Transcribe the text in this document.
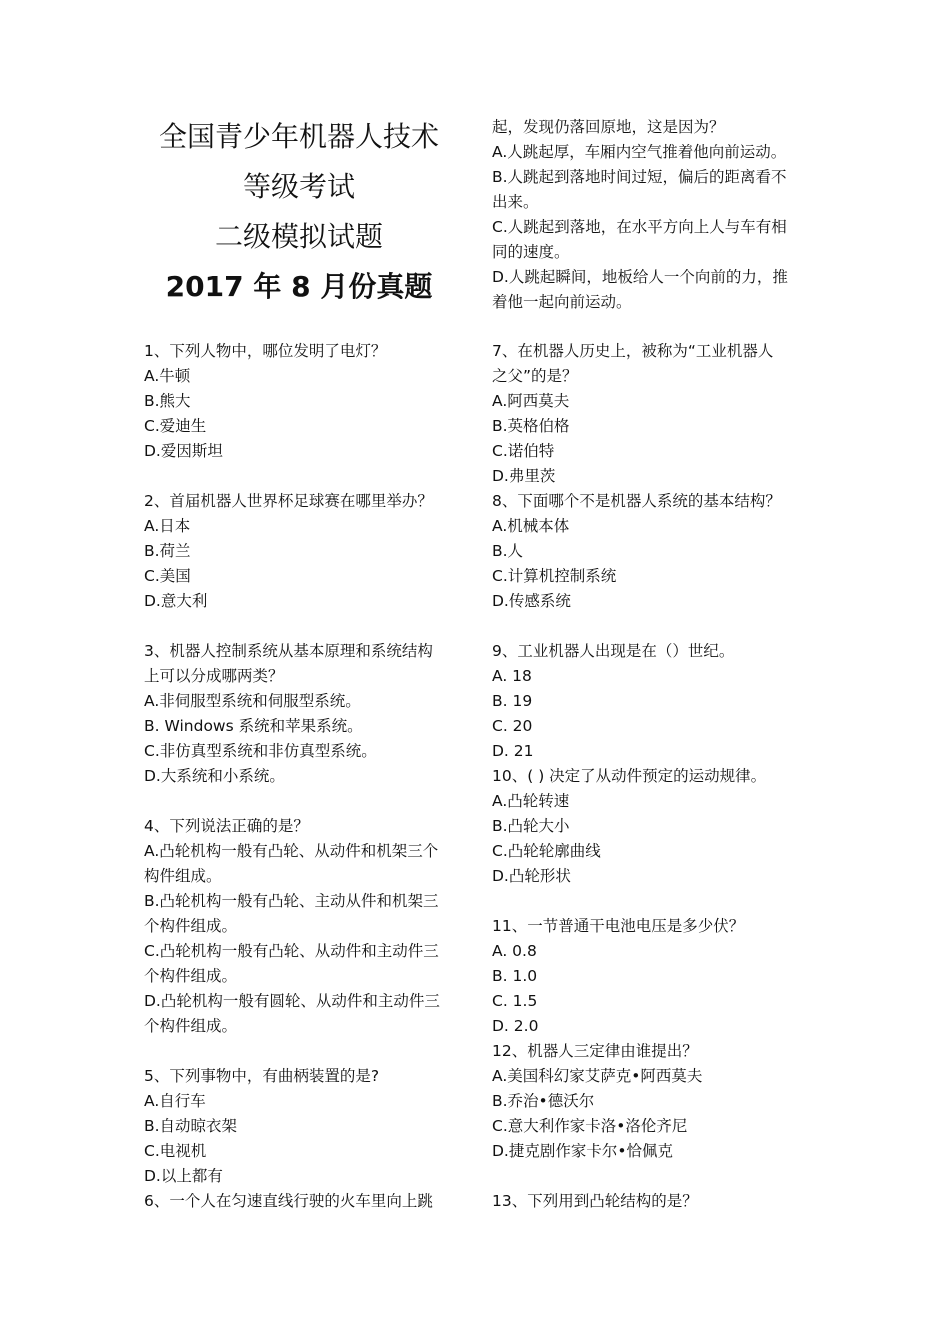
全国青少年机器人技术
等级考试
二级模拟试题
2017 年 8 月份真题
1、下列人物中，哪位发明了电灯？
A.牛顿
B.熊大
C.爱迪生
D.爱因斯坦
2、首届机器人世界杯足球赛在哪里举办？
A.日本
B.荷兰
C.美国
D.意大利
3、机器人控制系统从基本原理和系统结构
上可以分成哪两类？
A.非伺服型系统和伺服型系统。
B. Windows 系统和苹果系统。
C.非仿真型系统和非仿真型系统。
D.大系统和小系统。
4、下列说法正确的是？
A.凸轮机构一般有凸轮、从动件和机架三个
构件组成。
B.凸轮机构一般有凸轮、主动从件和机架三
个构件组成。
C.凸轮机构一般有凸轮、从动件和主动件三
个构件组成。
D.凸轮机构一般有圆轮、从动件和主动件三
个构件组成。
5、下列事物中，有曲柄装置的是?
A.自行车
B.自动晾衣架
C.电视机
D.以上都有
6、一个人在匀速直线行驶的火车里向上跳
起，发现仍落回原地，这是因为？
A.人跳起厚，车厢内空气推着他向前运动。
B.人跳起到落地时间过短，偏后的距离看不
出来。
C.人跳起到落地，在水平方向上人与车有相
同的速度。
D.人跳起瞬间，地板给人一个向前的力，推
着他一起向前运动。
7、在机器人历史上，被称为“工业机器人
之父”的是？
A.阿西莫夫
B.英格伯格
C.诺伯特
D.弗里茨
8、下面哪个不是机器人系统的基本结构？
A.机械本体
B.人
C.计算机控制系统
D.传感系统
9、工业机器人出现是在（）世纪。
A. 18
B. 19
C. 20
D. 21
10、( ) 决定了从动件预定的运动规律。
A.凸轮转速
B.凸轮大小
C.凸轮轮廓曲线
D.凸轮形状
11、一节普通干电池电压是多少伏？
A. 0.8
B. 1.0
C. 1.5
D. 2.0
12、机器人三定律由谁提出？
A.美国科幻家艾萨克•阿西莫夫
B.乔治•德沃尔
C.意大利作家卡洛•洛伦齐尼
D.捷克剧作家卡尔•恰佩克
13、下列用到凸轮结构的是？
